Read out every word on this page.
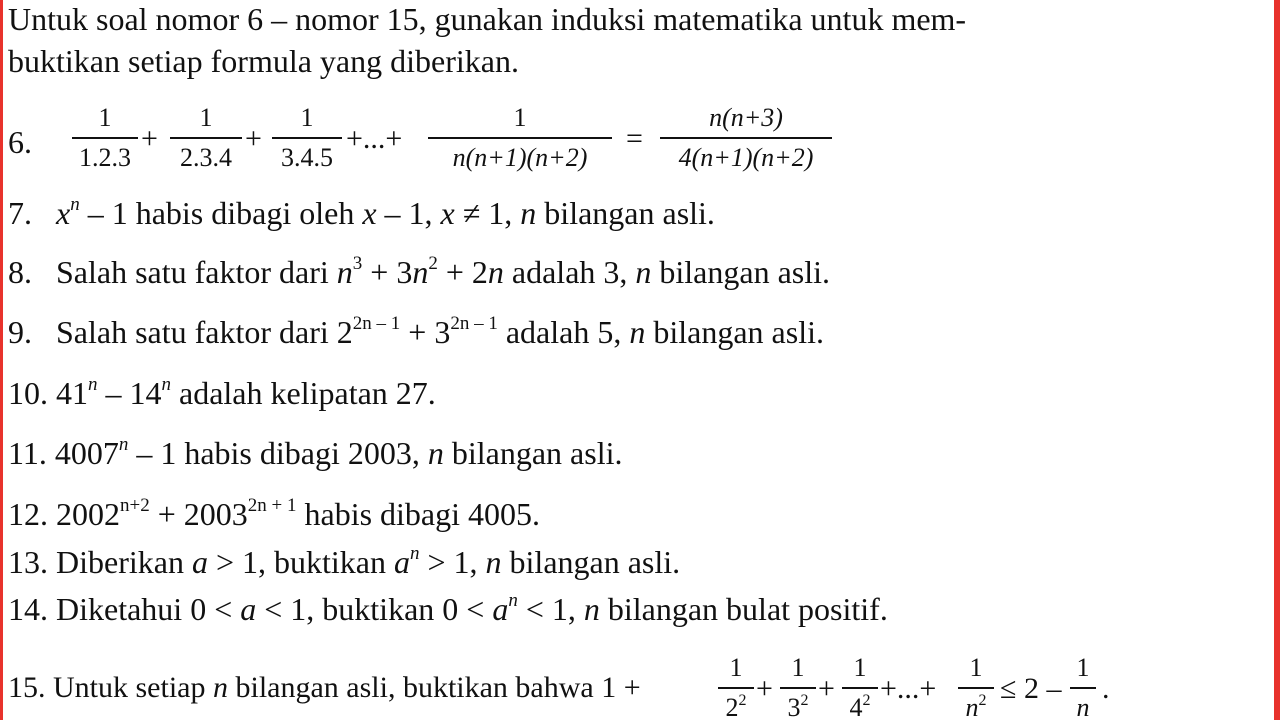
Untuk soal nomor 6 – nomor 15, gunakan induksi matematika untuk mem-
buktikan setiap formula yang diberikan.
6.
1
1.2.3
+
1
2.3.4
+
1
3.4.5
+...+
1
n(n+1)(n+2)
=
n(n+3)
4(n+1)(n+2)
7. $x^n - 1$ habis dibagi oleh x – 1, x ≠ 1, n bilangan asli.
8. Salah satu faktor dari $n^3 + 3n^2 + 2n$ adalah 3, n bilangan asli.
9. Salah satu faktor dari $2^{2n - 1} + 3^{2n - 1}$ adalah 5, n bilangan asli.
10. 41$^n$ – 14$^n$ adalah kelipatan 27.
11. 4007$^n$ – 1 habis dibagi 2003, n bilangan asli.
12. $2002^{n+2} + 2003^{2n + 1}$ habis dibagi 4005.
13. Diberikan a > 1, buktikan $a^n > 1$, n bilangan asli.
14. Diketahui 0 < a < 1, buktikan $0 < a^n < 1$, n bilangan bulat positif.
15. Untuk setiap n bilangan asli, buktikan bahwa 1 +
1
$2^2$ +
1
$3^2$ +
1
$4^2$ +...+
1
$n^2 \le 2$ –
1
n
.
